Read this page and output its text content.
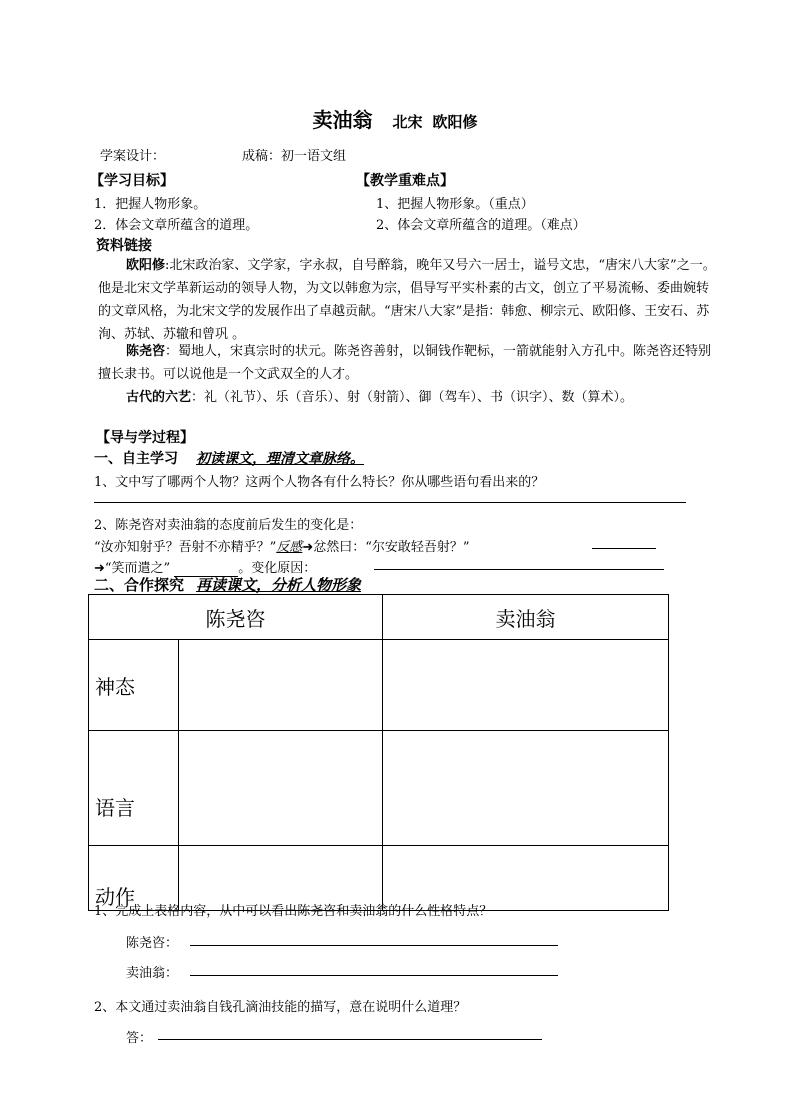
卖油翁 北宋 欧阳修
学案设计：	成稿：初一语文组
【学习目标】	【教学重难点】
1．把握人物形象。
2．体会文章所蕴含的道理。
1、把握人物形象。（重点）
2、体会文章所蕴含的道理。（难点）
资料链接
欧阳修:北宋政治家、文学家，字永叔，自号醉翁，晚年又号六一居士，谥号文忠，“唐宋八大家”之一。 他是北宋文学革新运动的领导人物，为文以韩愈为宗，倡导写平实朴素的古文，创立了平易流畅、委曲婉转的文章风格，为北宋文学的发展作出了卓越贡献。“唐宋八大家”是指：韩愈、柳宗元、欧阳修、王安石、苏洵、苏轼、苏辙和曾巩 。
陈尧咨：蜀地人，宋真宗时的状元。陈尧咨善射，以铜钱作靶标，一箭就能射入方孔中。陈尧咨还特别擅长隶书。可以说他是一个文武双全的人才。
古代的六艺：礼（礼节）、乐（音乐）、射（射箭）、御（驾车）、书（识字）、数（算术）。
【导与学过程】
一、自主学习 初读课文，理清文章脉络。
1、文中写了哪两个人物？这两个人物各有什么特长？你从哪些语句看出来的？
2、陈尧咨对卖油翁的态度前后发生的变化是：
“汝亦知射乎？吾射不亦精乎？”反感➜忿然曰：“尔安敢轻吾射？”
➜“笑而遣之”	。变化原因：
二、合作探究 再读课文，分析人物形象
陈尧咨		卖油翁
神态		
语言		
动作		
1、完成上表格内容，从中可以看出陈尧咨和卖油翁的什么性格特点？
陈尧咨：
卖油翁：
2、本文通过卖油翁自钱孔滴油技能的描写，意在说明什么道理？
答：
